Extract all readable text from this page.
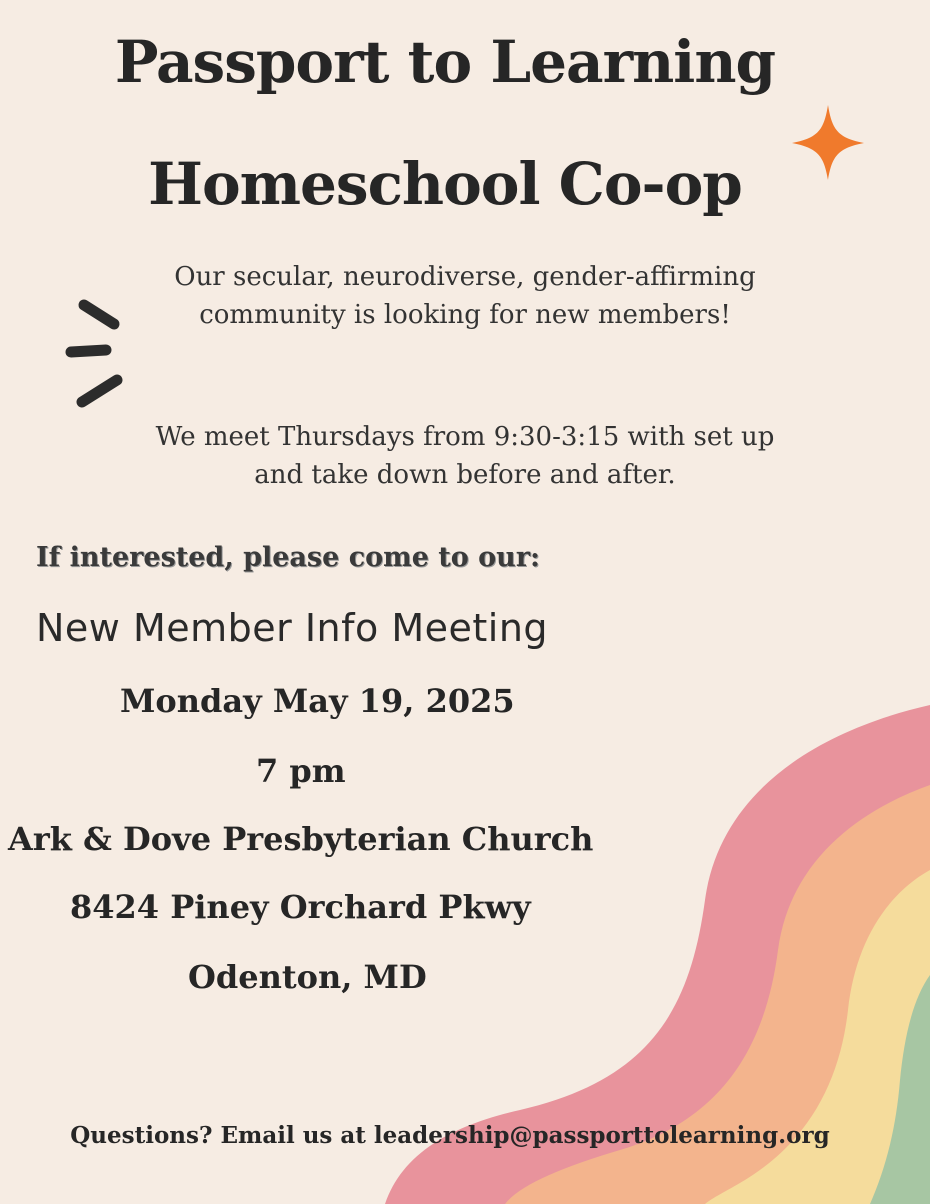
Passport to Learning
Homeschool Co-op
Our secular, neurodiverse, gender-affirming community is looking for new members!
We meet Thursdays from 9:30-3:15 with set up and take down before and after.
If interested, please come to our:
New Member Info Meeting
Monday May 19, 2025
7 pm
Ark & Dove Presbyterian Church
8424 Piney Orchard Pkwy
Odenton, MD
Questions? Email us at leadership@passporttolearning.org
